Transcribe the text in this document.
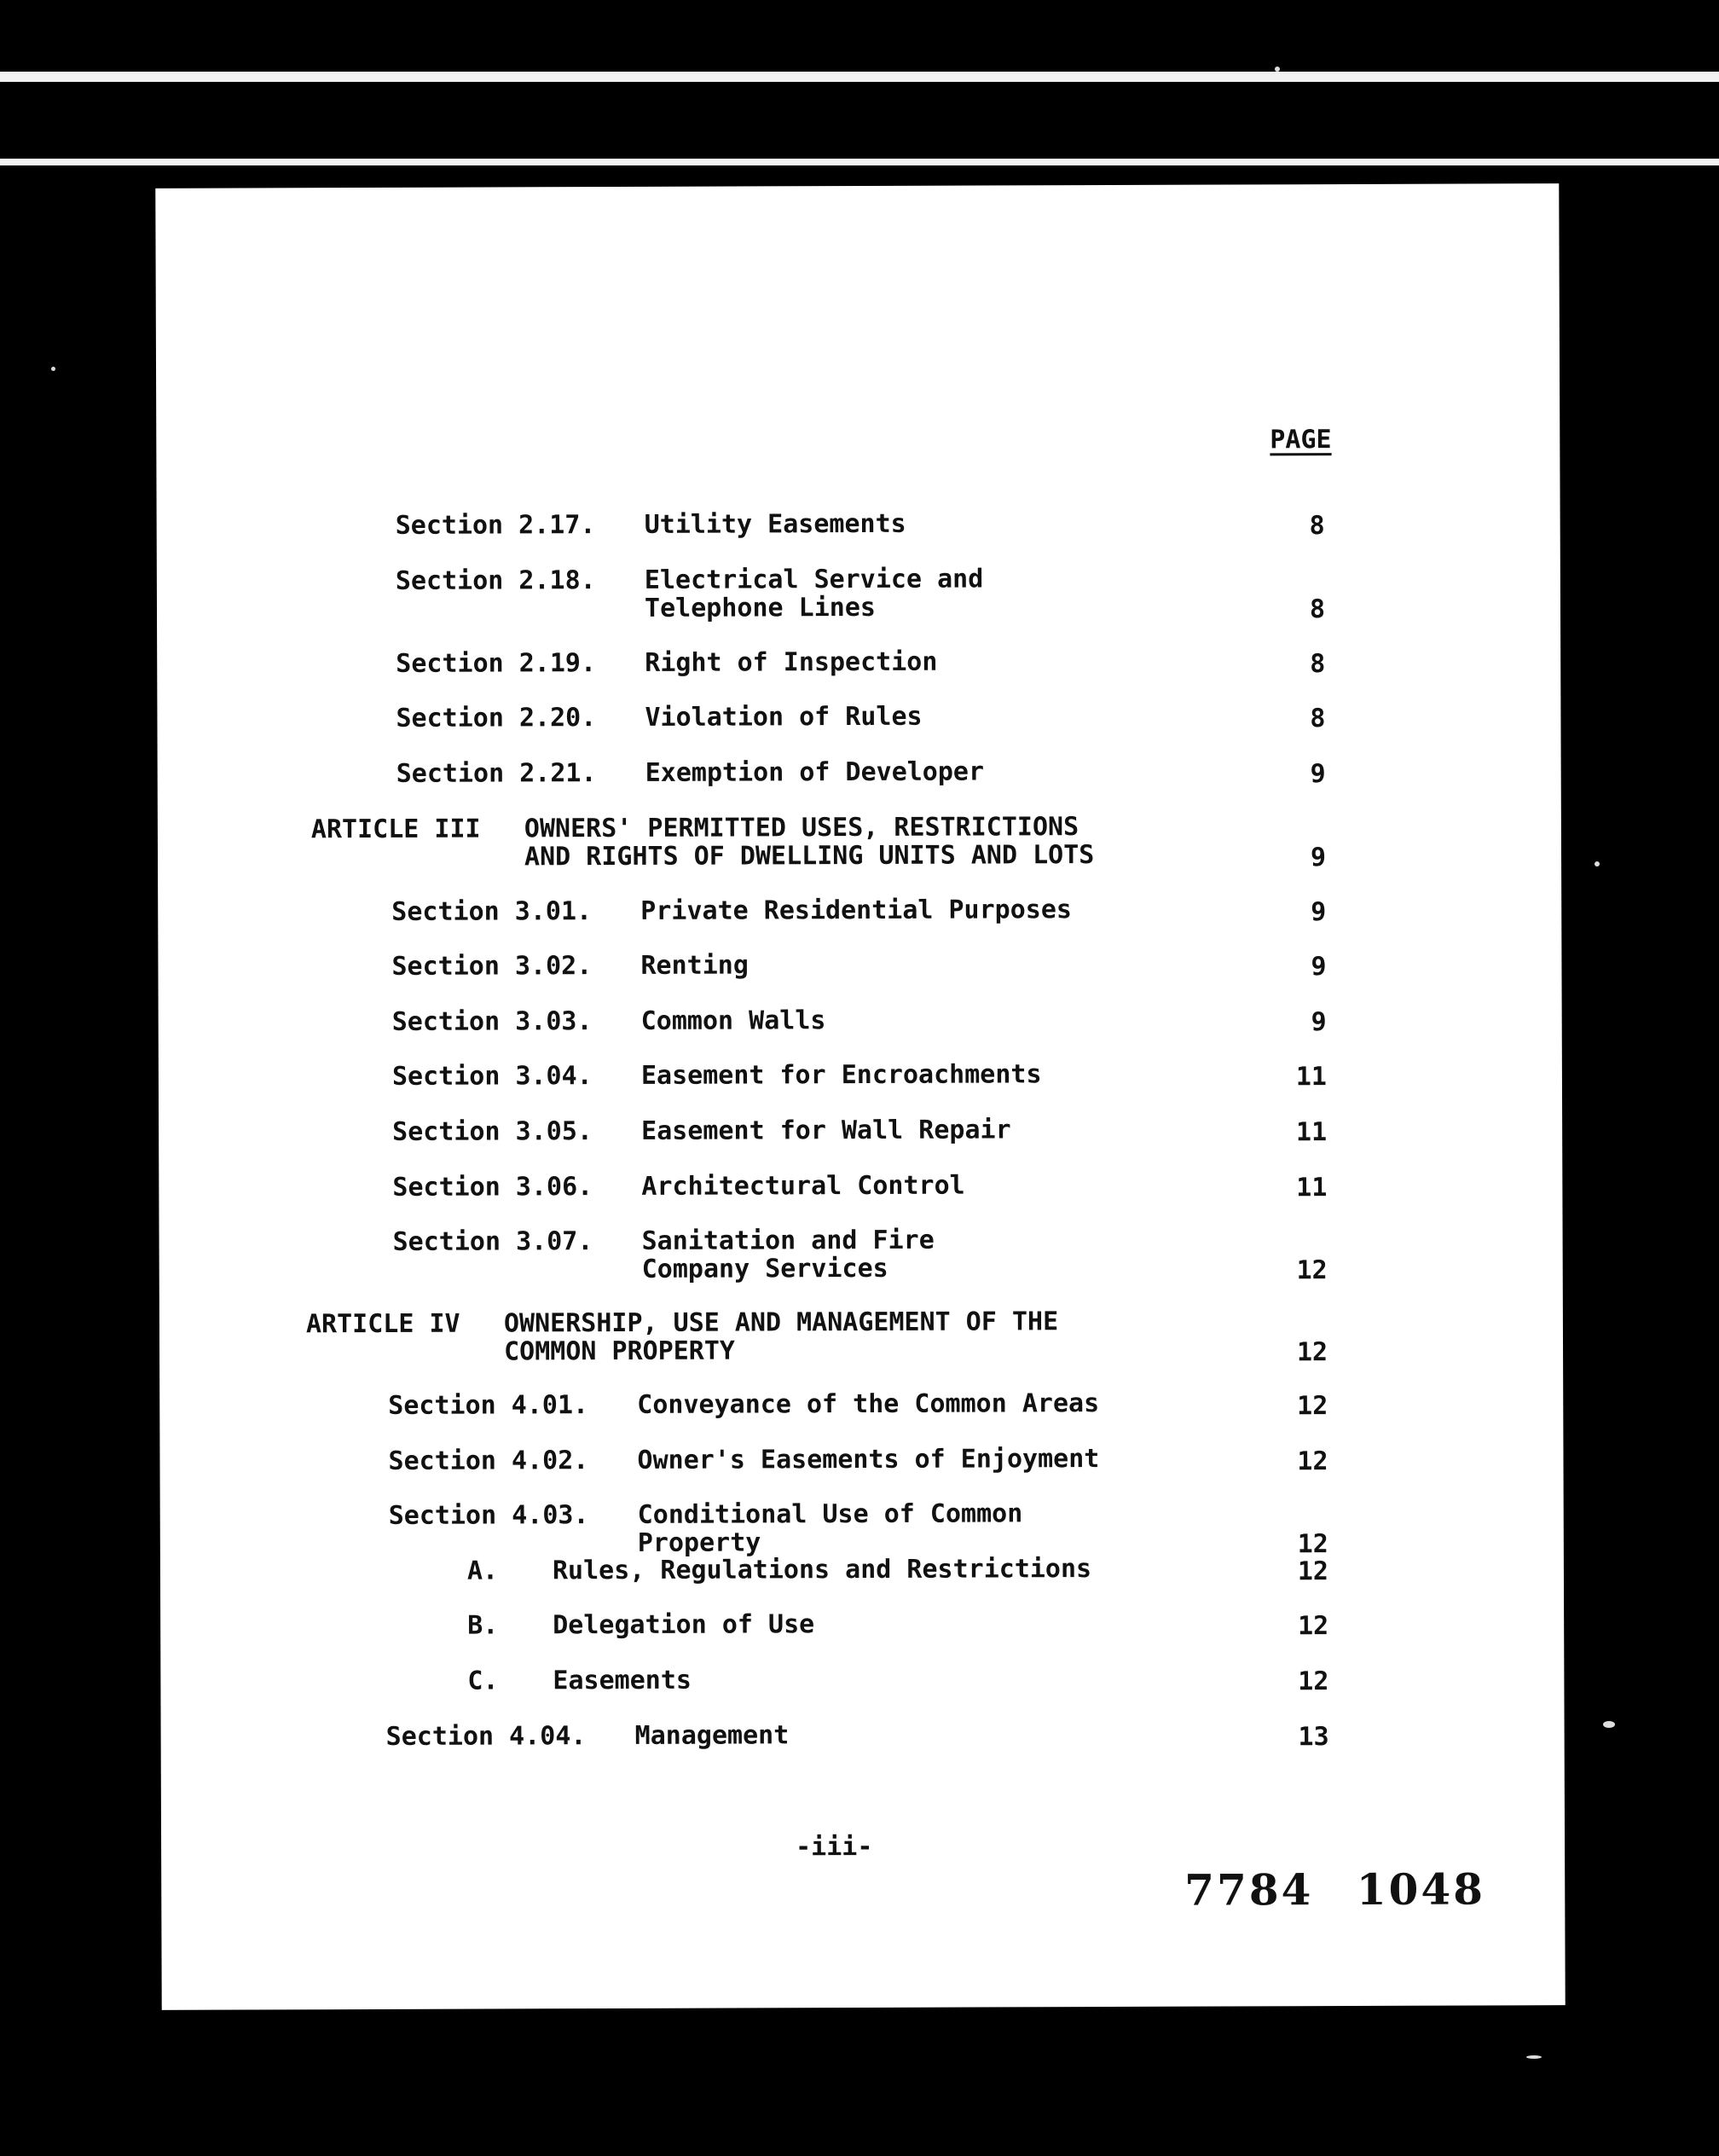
PAGE
Section 2.17. Utility Easements	8
Section 2.18. Electrical Service and
Telephone Lines	8
Section 2.19. Right of Inspection	8
Section 2.20. Violation of Rules	8
Section 2.21. Exemption of Developer	9
ARTICLE III OWNERS' PERMITTED USES, RESTRICTIONS
AND RIGHTS OF DWELLING UNITS AND LOTS	9
Section 3.01. Private Residential Purposes	9
Section 3.02. Renting	9
Section 3.03. Common Walls	9
Section 3.04. Easement for Encroachments	11
Section 3.05. Easement for Wall Repair	11
Section 3.06. Architectural Control	11
Section 3.07. Sanitation and Fire
Company Services	12
ARTICLE IV OWNERSHIP, USE AND MANAGEMENT OF THE
COMMON PROPERTY	12
Section 4.01. Conveyance of the Common Areas	12
Section 4.02. Owner's Easements of Enjoyment	12
Section 4.03. Conditional Use of Common
Property	12
A. Rules, Regulations and Restrictions	12
B. Delegation of Use	12
C. Easements	12
Section 4.04. Management	13
-iii-
7784 1048
